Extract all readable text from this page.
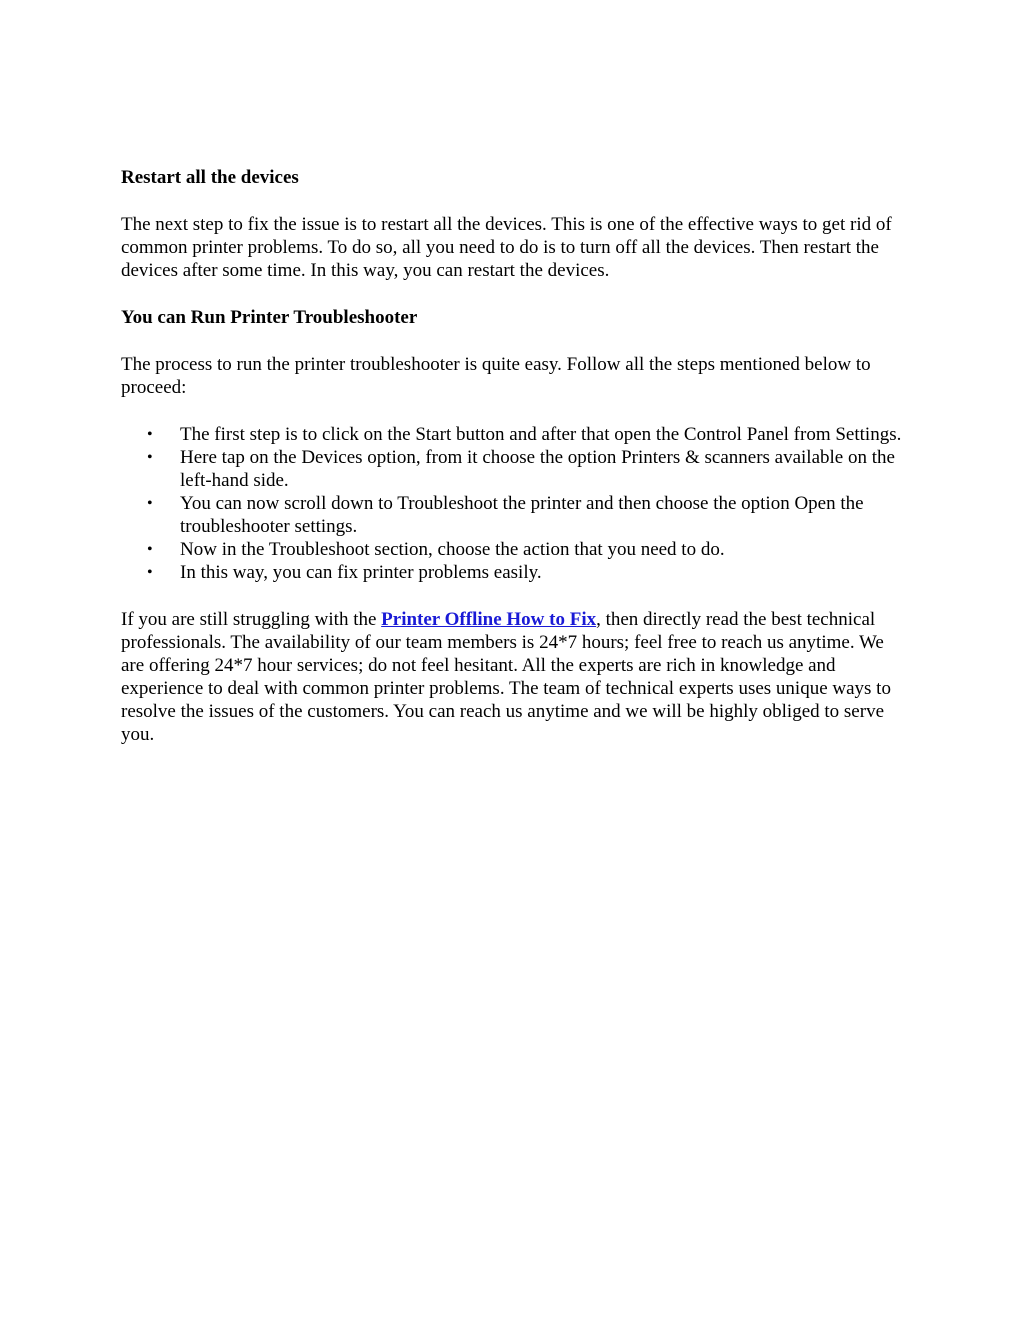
Restart all the devices
The next step to fix the issue is to restart all the devices. This is one of the effective ways to get rid of common printer problems. To do so, all you need to do is to turn off all the devices. Then restart the devices after some time. In this way, you can restart the devices.
You can Run Printer Troubleshooter
The process to run the printer troubleshooter is quite easy. Follow all the steps mentioned below to proceed:
• The first step is to click on the Start button and after that open the Control Panel from Settings.
• Here tap on the Devices option, from it choose the option Printers & scanners available on the left-hand side.
• You can now scroll down to Troubleshoot the printer and then choose the option Open the troubleshooter settings.
• Now in the Troubleshoot section, choose the action that you need to do.
• In this way, you can fix printer problems easily.
If you are still struggling with the Printer Offline How to Fix, then directly read the best technical professionals. The availability of our team members is 24*7 hours; feel free to reach us anytime. We are offering 24*7 hour services; do not feel hesitant. All the experts are rich in knowledge and experience to deal with common printer problems. The team of technical experts uses unique ways to resolve the issues of the customers. You can reach us anytime and we will be highly obliged to serve you.
